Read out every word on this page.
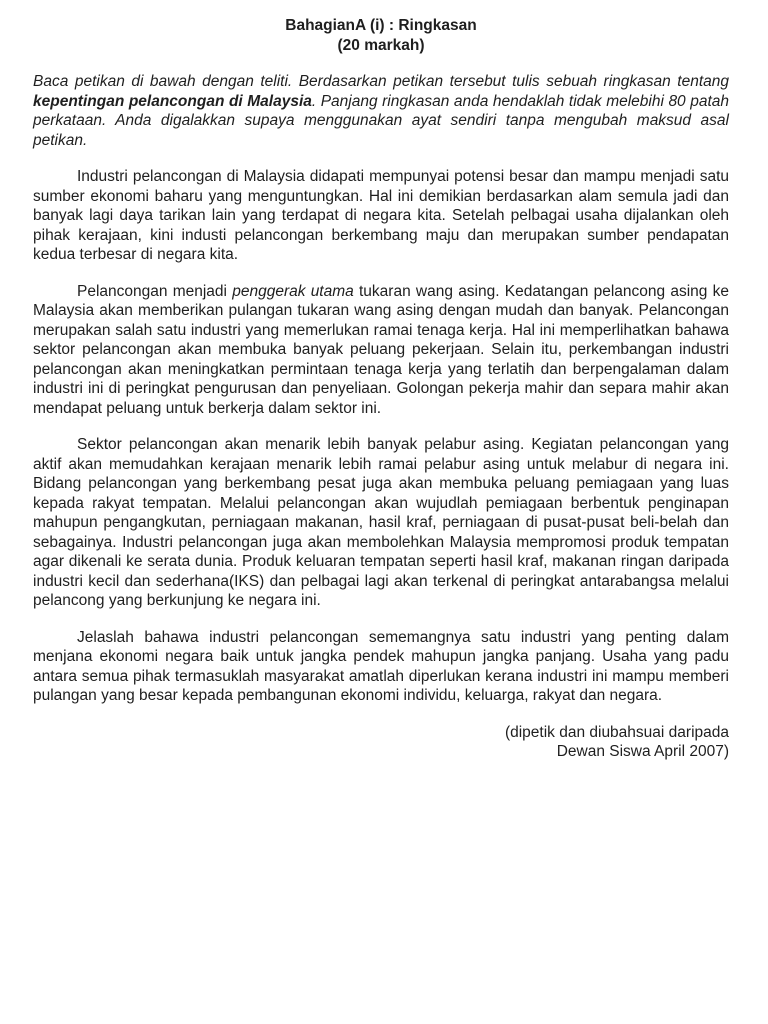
BahagianA (i) : Ringkasan
(20 markah)

Baca petikan di bawah dengan teliti. Berdasarkan petikan tersebut tulis sebuah ringkasan tentang kepentingan pelancongan di Malaysia. Panjang ringkasan anda hendaklah tidak melebihi 80 patah perkataan. Anda digalakkan supaya menggunakan ayat sendiri tanpa mengubah maksud asal petikan.

Industri pelancongan di Malaysia didapati mempunyai potensi besar dan mampu menjadi satu sumber ekonomi baharu yang menguntungkan. Hal ini demikian berdasarkan alam semula jadi dan banyak lagi daya tarikan lain yang terdapat di negara kita. Setelah pelbagai usaha dijalankan oleh pihak kerajaan, kini industi pelancongan berkembang maju dan merupakan sumber pendapatan kedua terbesar di negara kita.

Pelancongan menjadi penggerak utama tukaran wang asing. Kedatangan pelancong asing ke Malaysia akan memberikan pulangan tukaran wang asing dengan mudah dan banyak. Pelancongan merupakan salah satu industri yang memerlukan ramai tenaga kerja. Hal ini memperlihatkan bahawa sektor pelancongan akan membuka banyak peluang pekerjaan. Selain itu, perkembangan industri pelancongan akan meningkatkan permintaan tenaga kerja yang terlatih dan berpengalaman dalam industri ini di peringkat pengurusan dan penyeliaan. Golongan pekerja mahir dan separa mahir akan mendapat peluang untuk berkerja dalam sektor ini.

Sektor pelancongan akan menarik lebih banyak pelabur asing. Kegiatan pelancongan yang aktif akan memudahkan kerajaan menarik lebih ramai pelabur asing untuk melabur di negara ini. Bidang pelancongan yang berkembang pesat juga akan membuka peluang pemiagaan yang luas kepada rakyat tempatan. Melalui pelancongan akan wujudlah pemiagaan berbentuk penginapan mahupun pengangkutan, perniagaan makanan, hasil kraf, perniagaan di pusat-pusat beli-belah dan sebagainya. Industri pelancongan juga akan membolehkan Malaysia mempromosi produk tempatan agar dikenali ke serata dunia. Produk keluaran tempatan seperti hasil kraf, makanan ringan daripada industri kecil dan sederhana(IKS) dan pelbagai lagi akan terkenal di peringkat antarabangsa melalui pelancong yang berkunjung ke negara ini.

Jelaslah bahawa industri pelancongan sememangnya satu industri yang penting dalam menjana ekonomi negara baik untuk jangka pendek mahupun jangka panjang. Usaha yang padu antara semua pihak termasuklah masyarakat amatlah diperlukan kerana industri ini mampu memberi pulangan yang besar kepada pembangunan ekonomi individu, keluarga, rakyat dan negara.

(dipetik dan diubahsuai daripada
Dewan Siswa April 2007)
